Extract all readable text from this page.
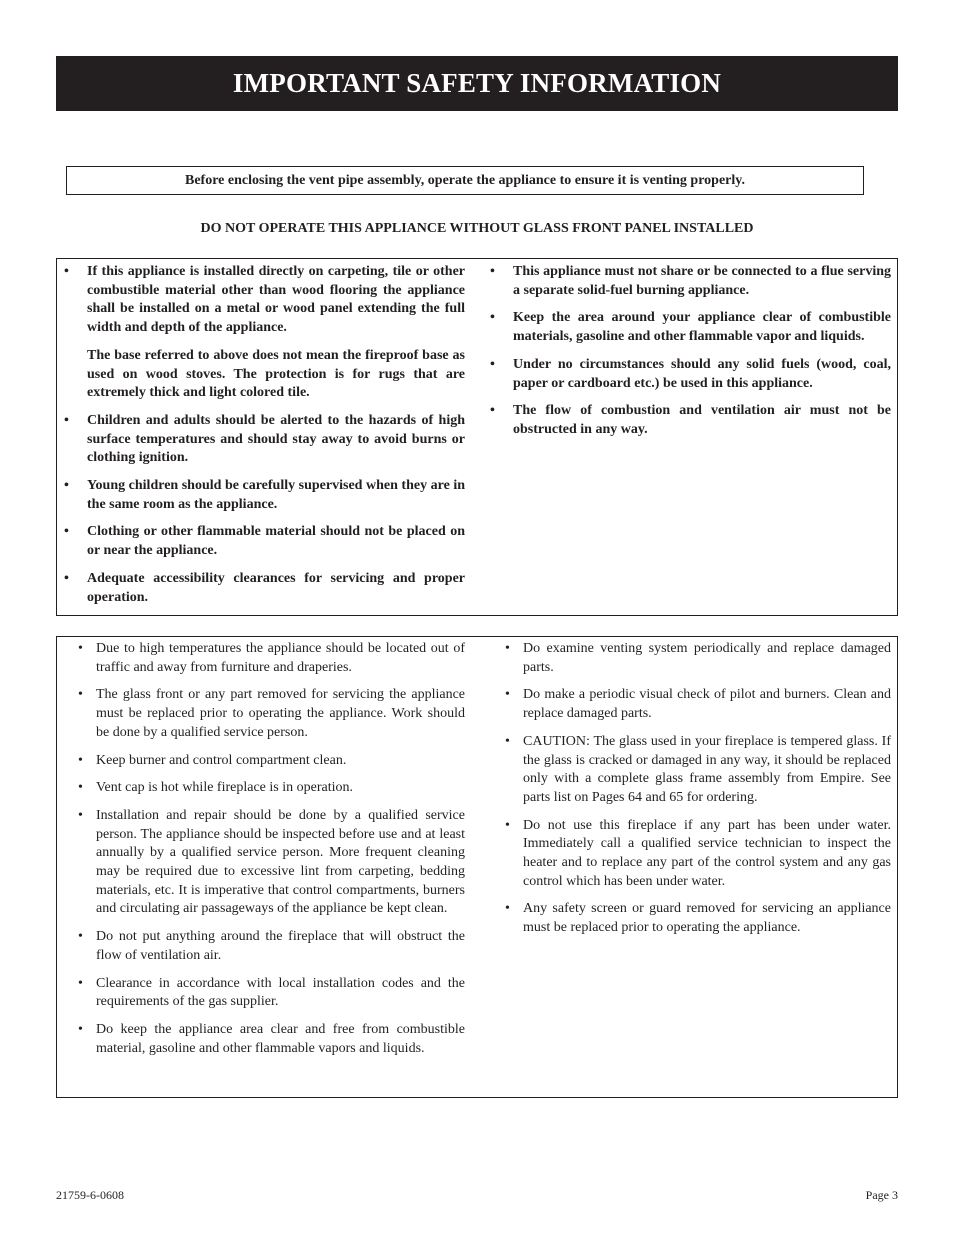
IMPORTANT SAFETY INFORMATION
Before enclosing the vent pipe assembly, operate the appliance to ensure it is venting properly.
DO NOT OPERATE THIS APPLIANCE WITHOUT GLASS FRONT PANEL INSTALLED
• If this appliance is installed directly on carpeting, tile or other combustible material other than wood flooring the appliance shall be installed on a metal or wood panel extending the full width and depth of the appliance.
The base referred to above does not mean the fireproof base as used on wood stoves. The protection is for rugs that are extremely thick and light colored tile.
• Children and adults should be alerted to the hazards of high surface temperatures and should stay away to avoid burns or clothing ignition.
• Young children should be carefully supervised when they are in the same room as the appliance.
• Clothing or other flammable material should not be placed on or near the appliance.
• Adequate accessibility clearances for servicing and proper operation.
• This appliance must not share or be connected to a flue serving a separate solid-fuel burning appliance.
• Keep the area around your appliance clear of combustible materials, gasoline and other flammable vapor and liquids.
• Under no circumstances should any solid fuels (wood, coal, paper or cardboard etc.) be used in this appliance.
• The flow of combustion and ventilation air must not be obstructed in any way.
• Due to high temperatures the appliance should be located out of traffic and away from furniture and draperies.
• The glass front or any part removed for servicing the appliance must be replaced prior to operating the appliance. Work should be done by a qualified service person.
• Keep burner and control compartment clean.
• Vent cap is hot while fireplace is in operation.
• Installation and repair should be done by a qualified service person. The appliance should be inspected before use and at least annually by a qualified service person. More frequent cleaning may be required due to excessive lint from carpeting, bedding materials, etc. It is imperative that control compartments, burners and circulating air passageways of the appliance be kept clean.
• Do not put anything around the fireplace that will obstruct the flow of ventilation air.
• Clearance in accordance with local installation codes and the requirements of the gas supplier.
• Do keep the appliance area clear and free from combustible material, gasoline and other flammable vapors and liquids.
• Do examine venting system periodically and replace damaged parts.
• Do make a periodic visual check of pilot and burners. Clean and replace damaged parts.
• CAUTION: The glass used in your fireplace is tempered glass. If the glass is cracked or damaged in any way, it should be replaced only with a complete glass frame assembly from Empire. See parts list on Pages 64 and 65 for ordering.
• Do not use this fireplace if any part has been under water. Immediately call a qualified service technician to inspect the heater and to replace any part of the control system and any gas control which has been under water.
• Any safety screen or guard removed for servicing an appliance must be replaced prior to operating the appliance.
21759-6-0608	Page 3
